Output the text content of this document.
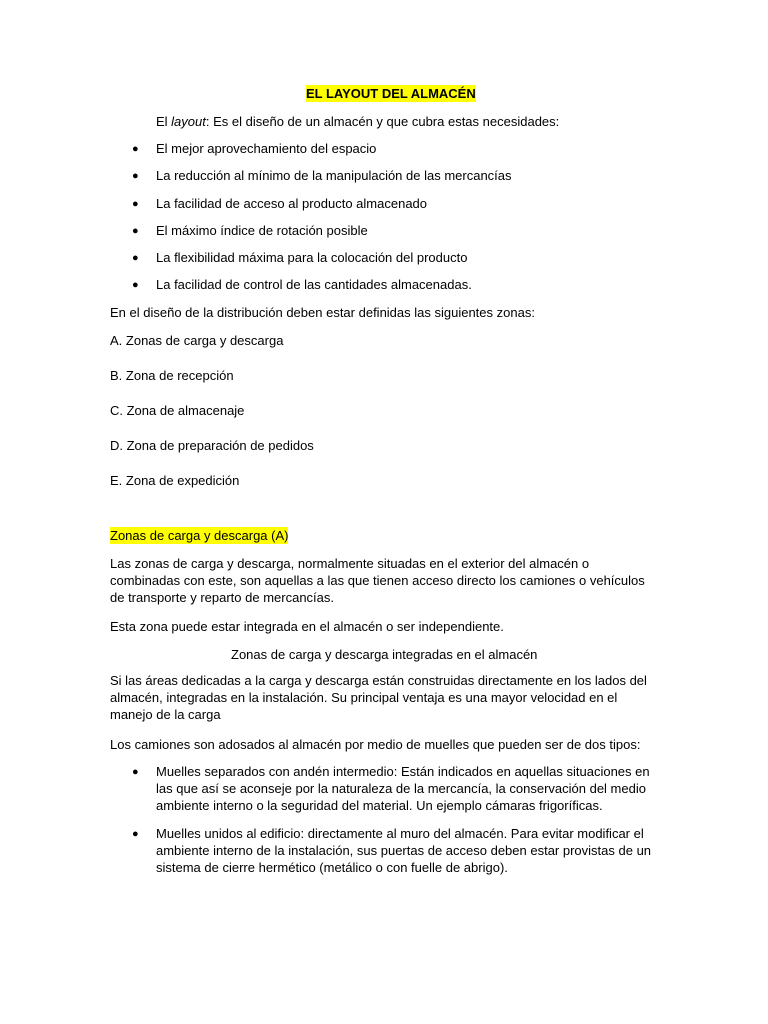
EL LAYOUT DEL ALMACÉN
El layout: Es el diseño de un almacén y que cubra estas necesidades:
● El mejor aprovechamiento del espacio
● La reducción al mínimo de la manipulación de las mercancías
● La facilidad de acceso al producto almacenado
● El máximo índice de rotación posible
● La flexibilidad máxima para la colocación del producto
● La facilidad de control de las cantidades almacenadas.
En el diseño de la distribución deben estar definidas las siguientes zonas:
A. Zonas de carga y descarga
B. Zona de recepción
C. Zona de almacenaje
D. Zona de preparación de pedidos
E. Zona de expedición
Zonas de carga y descarga (A)
Las zonas de carga y descarga, normalmente situadas en el exterior del almacén o combinadas con este, son aquellas a las que tienen acceso directo los camiones o vehículos de transporte y reparto de mercancías.
Esta zona puede estar integrada en el almacén o ser independiente.
Zonas de carga y descarga integradas en el almacén
Si las áreas dedicadas a la carga y descarga están construidas directamente en los lados del almacén, integradas en la instalación. Su principal ventaja es una mayor velocidad en el manejo de la carga
Los camiones son adosados al almacén por medio de muelles que pueden ser de dos tipos:
● Muelles separados con andén intermedio: Están indicados en aquellas situaciones en las que así se aconseje por la naturaleza de la mercancía, la conservación del medio ambiente interno o la seguridad del material. Un ejemplo cámaras frigoríficas.
● Muelles unidos al edificio: directamente al muro del almacén. Para evitar modificar el ambiente interno de la instalación, sus puertas de acceso deben estar provistas de un sistema de cierre hermético (metálico o con fuelle de abrigo).
